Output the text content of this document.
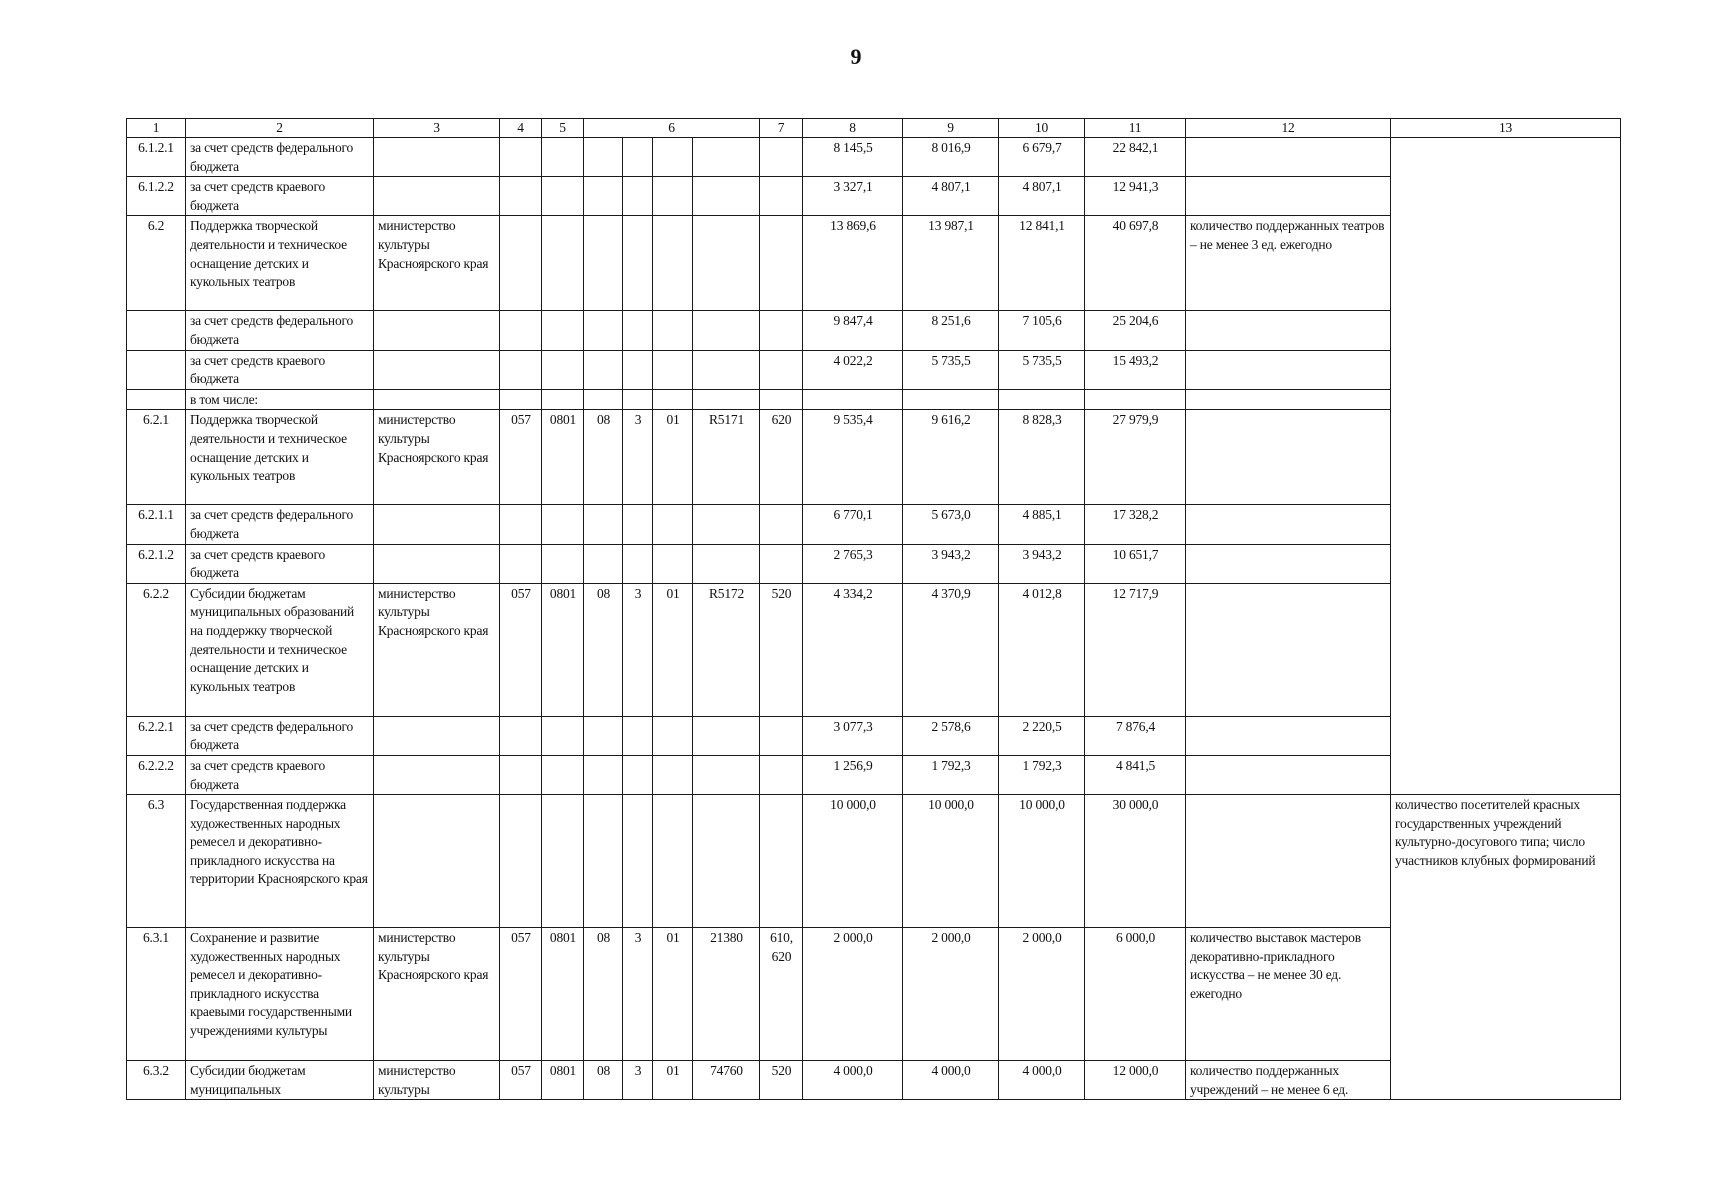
9
1	2	3	4	5	6				7	8	9	10	11	12	13
6.1.2.1	за счет средств федерального бюджета									8 145,5	8 016,9	6 679,7	22 842,1		
6.1.2.2	за счет средств краевого бюджета									3 327,1	4 807,1	4 807,1	12 941,3		
6.2	Поддержка творческой деятельности и техническое оснащение детских и кукольных театров	министерство культуры Красноярского края								13 869,6	13 987,1	12 841,1	40 697,8	количество поддержанных театров – не менее 3 ед. ежегодно	
	за счет средств федерального бюджета									9 847,4	8 251,6	7 105,6	25 204,6		
	за счет средств краевого бюджета									4 022,2	5 735,5	5 735,5	15 493,2		
	в том числе:														
6.2.1	Поддержка творческой деятельности и техническое оснащение детских и кукольных театров	министерство культуры Красноярского края	057	0801	08	3	01	R5171	620	9 535,4	9 616,2	8 828,3	27 979,9		
6.2.1.1	за счет средств федерального бюджета									6 770,1	5 673,0	4 885,1	17 328,2		
6.2.1.2	за счет средств краевого бюджета									2 765,3	3 943,2	3 943,2	10 651,7		
6.2.2	Субсидии бюджетам муниципальных образований на поддержку творческой деятельности и техническое оснащение детских и кукольных театров	министерство культуры Красноярского края	057	0801	08	3	01	R5172	520	4 334,2	4 370,9	4 012,8	12 717,9		
6.2.2.1	за счет средств федерального бюджета									3 077,3	2 578,6	2 220,5	7 876,4		
6.2.2.2	за счет средств краевого бюджета									1 256,9	1 792,3	1 792,3	4 841,5		
6.3	Государственная поддержка художественных народных ремесел и декоративно-прикладного искусства на территории Красноярского края									10 000,0	10 000,0	10 000,0	30 000,0		количество посетителей красных государственных учреждений культурно-досугового типа; число участников клубных формирований
6.3.1	Сохранение и развитие художественных народных ремесел и декоративно-прикладного искусства краевыми государственными учреждениями культуры	министерство культуры Красноярского края	057	0801	08	3	01	21380	610, 620	2 000,0	2 000,0	2 000,0	6 000,0	количество выставок мастеров декоративно-прикладного искусства – не менее 30 ед. ежегодно	
6.3.2	Субсидии бюджетам муниципальных	министерство культуры	057	0801	08	3	01	74760	520	4 000,0	4 000,0	4 000,0	12 000,0	количество поддержанных учреждений – не менее 6 ед.	
